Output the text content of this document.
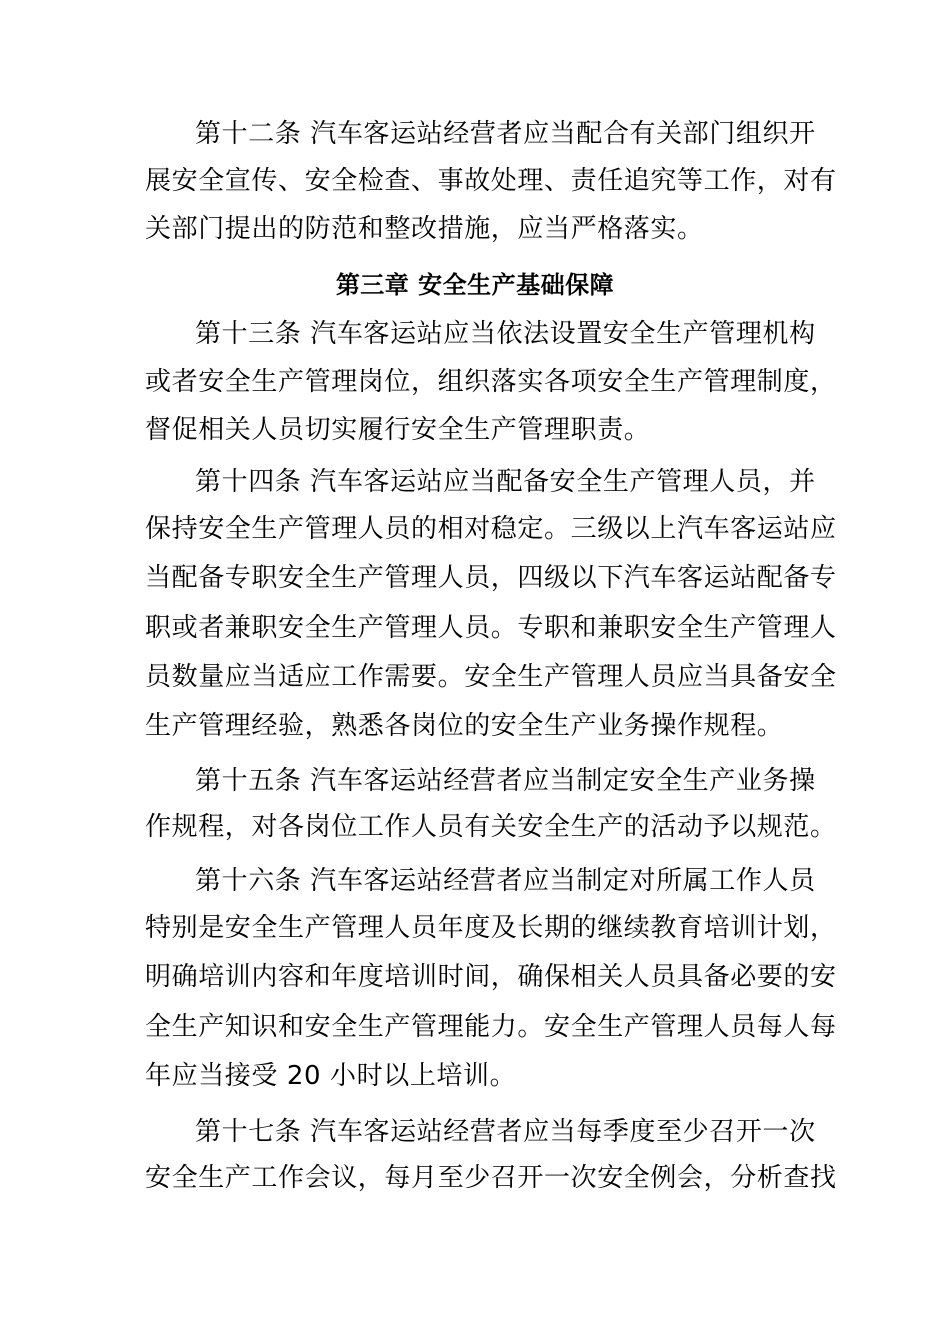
第十二条 汽车客运站经营者应当配合有关部门组织开
展安全宣传、安全检查、事故处理、责任追究等工作，对有
关部门提出的防范和整改措施，应当严格落实。
第三章 安全生产基础保障
第十三条 汽车客运站应当依法设置安全生产管理机构
或者安全生产管理岗位，组织落实各项安全生产管理制度，
督促相关人员切实履行安全生产管理职责。
第十四条 汽车客运站应当配备安全生产管理人员，并
保持安全生产管理人员的相对稳定。三级以上汽车客运站应
当配备专职安全生产管理人员，四级以下汽车客运站配备专
职或者兼职安全生产管理人员。专职和兼职安全生产管理人
员数量应当适应工作需要。安全生产管理人员应当具备安全
生产管理经验，熟悉各岗位的安全生产业务操作规程。
第十五条 汽车客运站经营者应当制定安全生产业务操
作规程，对各岗位工作人员有关安全生产的活动予以规范。
第十六条 汽车客运站经营者应当制定对所属工作人员
特别是安全生产管理人员年度及长期的继续教育培训计划，
明确培训内容和年度培训时间，确保相关人员具备必要的安
全生产知识和安全生产管理能力。安全生产管理人员每人每
年应当接受 20 小时以上培训。
第十七条 汽车客运站经营者应当每季度至少召开一次
安全生产工作会议，每月至少召开一次安全例会，分析查找
